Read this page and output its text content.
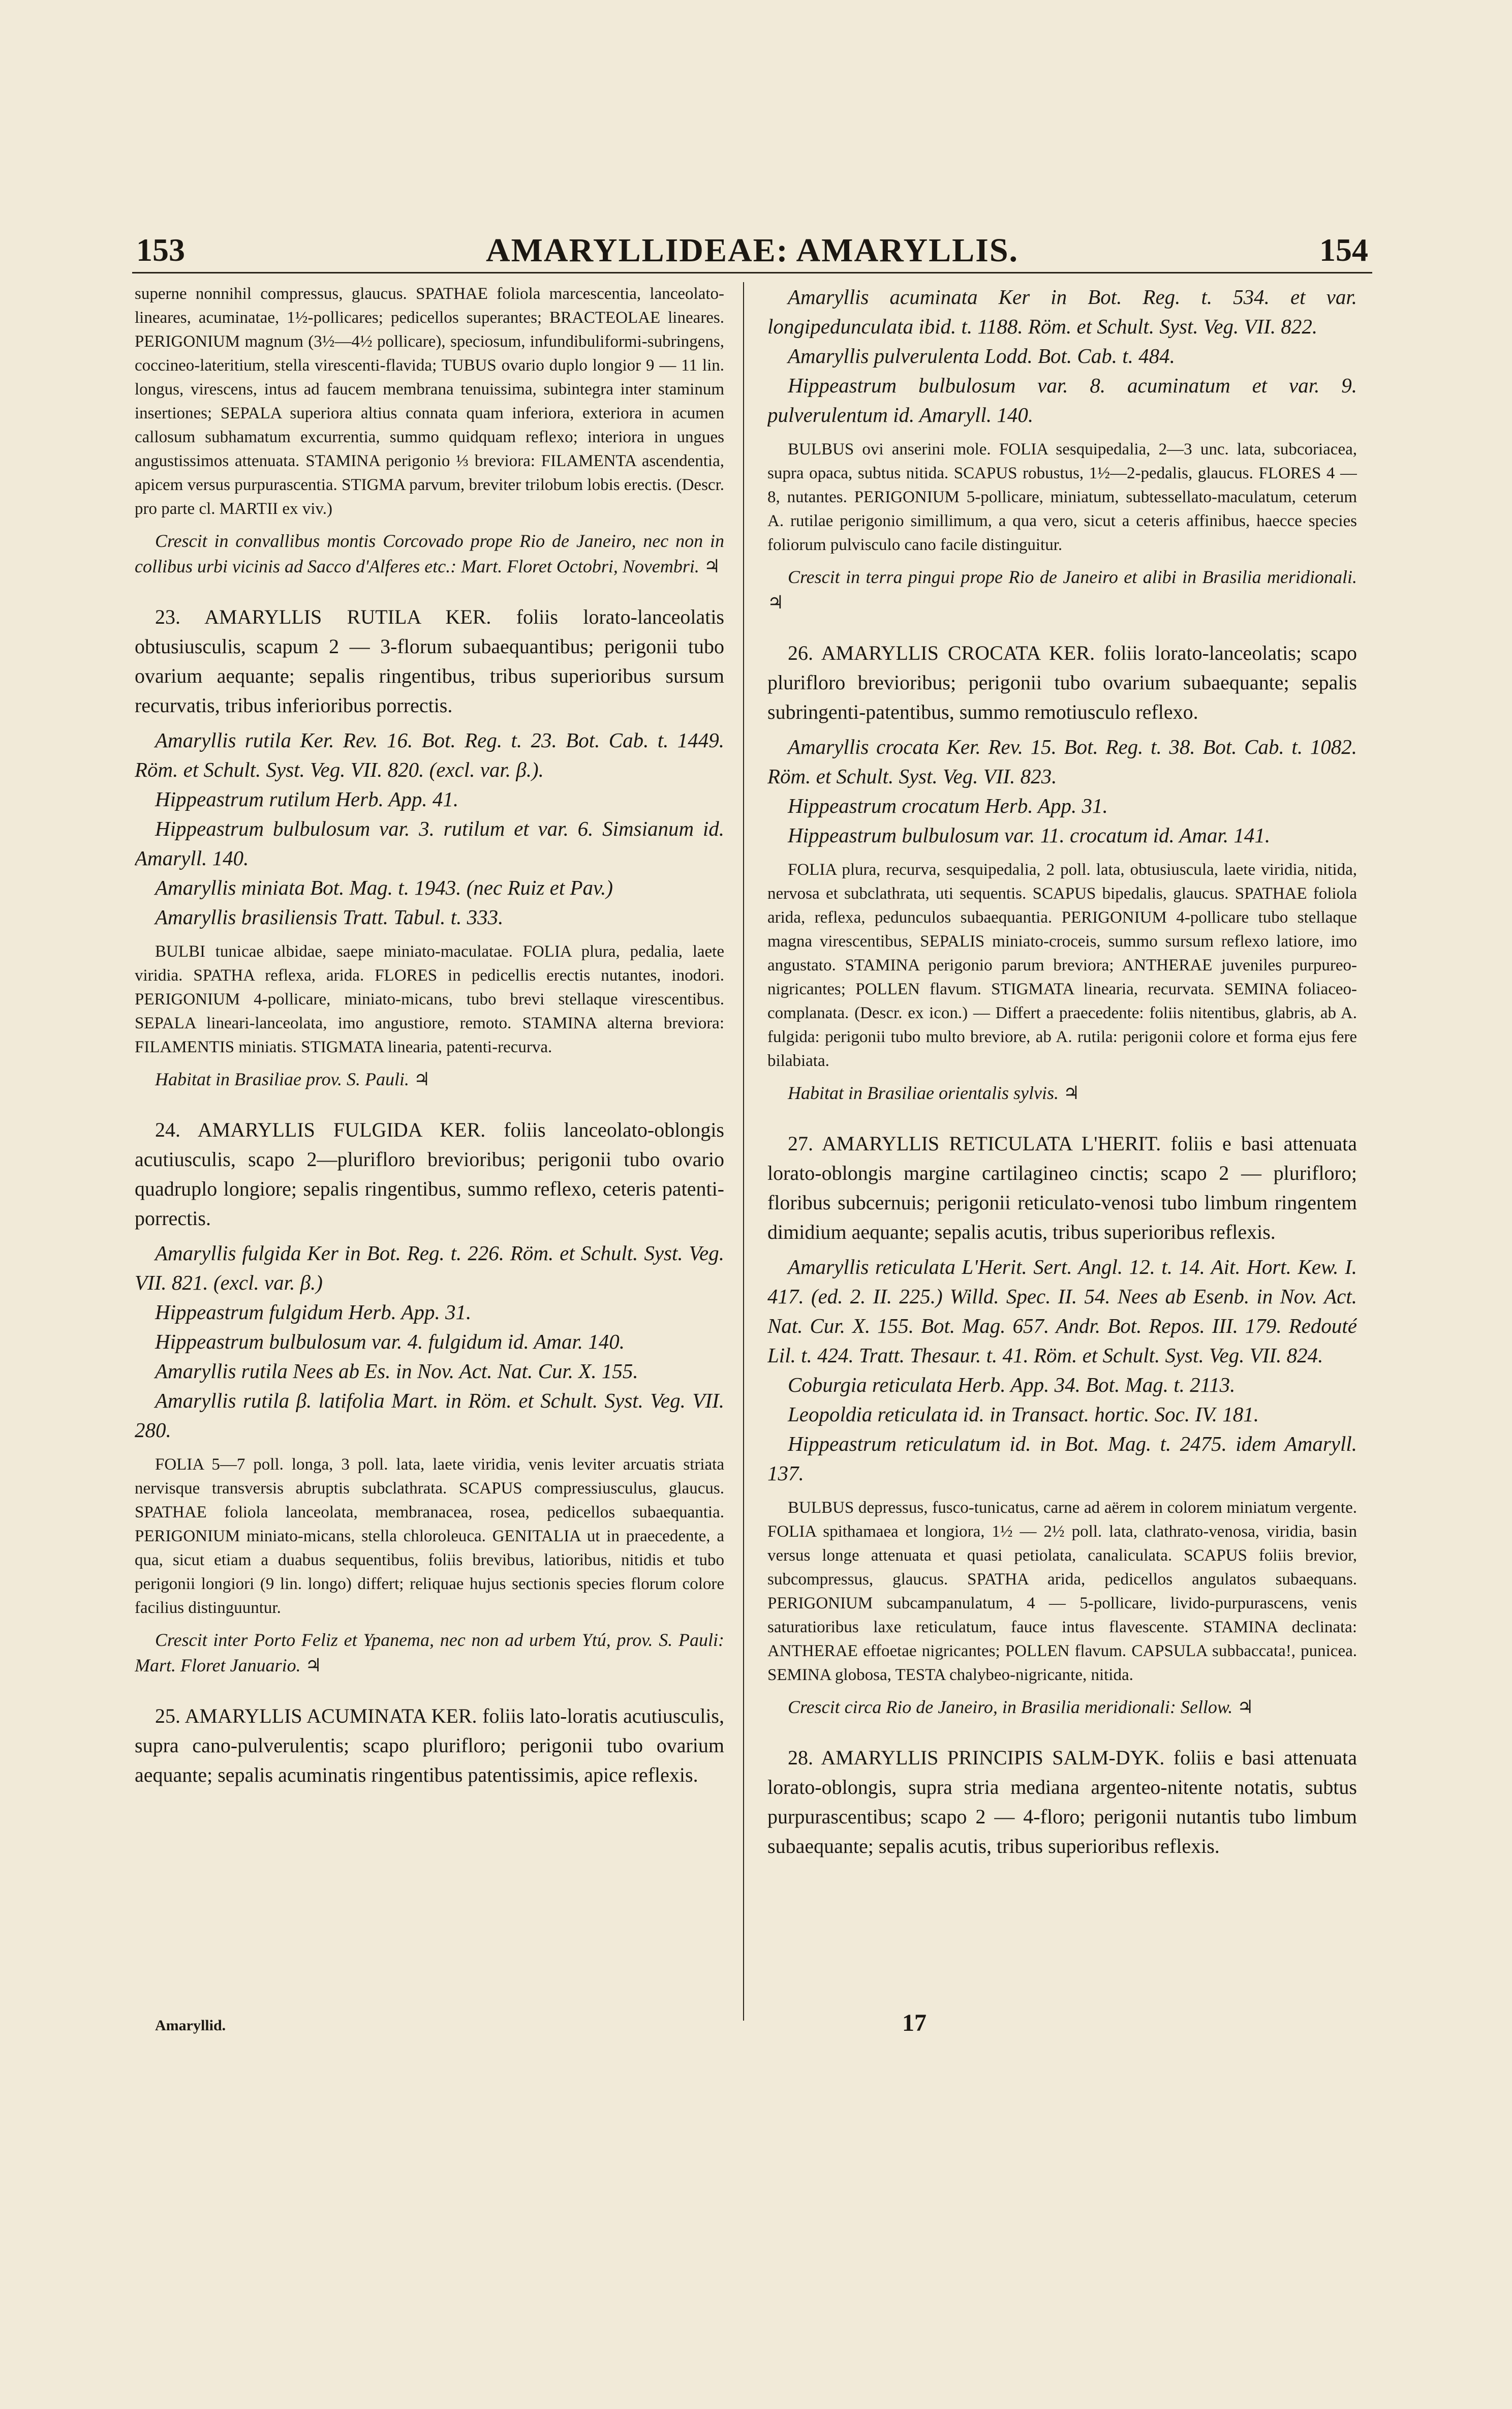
153	AMARYLLIDEAE: AMARYLLIS.	154

superne nonnihil compressus, glaucus. SPATHAE foliola marcescentia, lanceolato-lineares, acuminatae, 1½-pollicares; pedicellos superantes; BRACTEOLAE lineares. PERIGONIUM magnum (3½—4½ pollicare), speciosum, infundibuliformi-subringens, coccineo-lateritium, stella virescenti-flavida; TUBUS ovario duplo longior 9 — 11 lin. longus, virescens, intus ad faucem membrana tenuissima, subintegra inter staminum insertiones; SEPALA superiora altius connata quam inferiora, exteriora in acumen callosum subhamatum excurrentia, summo quidquam reflexo; interiora in ungues angustissimos attenuata. STAMINA perigonio ⅓ breviora: FILAMENTA ascendentia, apicem versus purpurascentia. STIGMA parvum, breviter trilobum lobis erectis. (Descr. pro parte cl. MARTII ex viv.)

Crescit in convallibus montis Corcovado prope Rio de Janeiro, nec non in collibus urbi vicinis ad Sacco d'Alferes etc.: Mart. Floret Octobri, Novembri. ♃

23. AMARYLLIS RUTILA KER. foliis lorato-lanceolatis obtusiusculis, scapum 2 — 3-florum subaequantibus; perigonii tubo ovarium aequante; sepalis ringentibus, tribus superioribus sursum recurvatis, tribus inferioribus porrectis.

Amaryllis rutila Ker. Rev. 16. Bot. Reg. t. 23. Bot. Cab. t. 1449. Röm. et Schult. Syst. Veg. VII. 820. (excl. var. β.).

Hippeastrum rutilum Herb. App. 41.

Hippeastrum bulbulosum var. 3. rutilum et var. 6. Simsianum id. Amaryll. 140.

Amaryllis miniata Bot. Mag. t. 1943. (nec Ruiz et Pav.)

Amaryllis brasiliensis Tratt. Tabul. t. 333.

BULBI tunicae albidae, saepe miniato-maculatae. FOLIA plura, pedalia, laete viridia. SPATHA reflexa, arida. FLORES in pedicellis erectis nutantes, inodori. PERIGONIUM 4-pollicare, miniato-micans, tubo brevi stellaque virescentibus. SEPALA lineari-lanceolata, imo angustiore, remoto. STAMINA alterna breviora: FILAMENTIS miniatis. STIGMATA linearia, patenti-recurva.

Habitat in Brasiliae prov. S. Pauli. ♃

24. AMARYLLIS FULGIDA KER. foliis lanceolato-oblongis acutiusculis, scapo 2—plurifloro brevioribus; perigonii tubo ovario quadruplo longiore; sepalis ringentibus, summo reflexo, ceteris patenti-porrectis.

Amaryllis fulgida Ker in Bot. Reg. t. 226. Röm. et Schult. Syst. Veg. VII. 821. (excl. var. β.)

Hippeastrum fulgidum Herb. App. 31.

Hippeastrum bulbulosum var. 4. fulgidum id. Amar. 140.

Amaryllis rutila Nees ab Es. in Nov. Act. Nat. Cur. X. 155.

Amaryllis rutila β. latifolia Mart. in Röm. et Schult. Syst. Veg. VII. 280.

FOLIA 5—7 poll. longa, 3 poll. lata, laete viridia, venis leviter arcuatis striata nervisque transversis abruptis subclathrata. SCAPUS compressiusculus, glaucus. SPATHAE foliola lanceolata, membranacea, rosea, pedicellos subaequantia. PERIGONIUM miniato-micans, stella chloroleuca. GENITALIA ut in praecedente, a qua, sicut etiam a duabus sequentibus, foliis brevibus, latioribus, nitidis et tubo perigonii longiori (9 lin. longo) differt; reliquae hujus sectionis species florum colore facilius distinguuntur.

Crescit inter Porto Feliz et Ypanema, nec non ad urbem Ytú, prov. S. Pauli: Mart. Floret Januario. ♃

25. AMARYLLIS ACUMINATA KER. foliis lato-loratis acutiusculis, supra cano-pulverulentis; scapo plurifloro; perigonii tubo ovarium aequante; sepalis acuminatis ringentibus patentissimis, apice reflexis.

Amaryllis acuminata Ker in Bot. Reg. t. 534. et var. longipedunculata ibid. t. 1188. Röm. et Schult. Syst. Veg. VII. 822.

Amaryllis pulverulenta Lodd. Bot. Cab. t. 484.

Hippeastrum bulbulosum var. 8. acuminatum et var. 9. pulverulentum id. Amaryll. 140.

BULBUS ovi anserini mole. FOLIA sesquipedalia, 2—3 unc. lata, subcoriacea, supra opaca, subtus nitida. SCAPUS robustus, 1½—2-pedalis, glaucus. FLORES 4 — 8, nutantes. PERIGONIUM 5-pollicare, miniatum, subtessellato-maculatum, ceterum A. rutilae perigonio simillimum, a qua vero, sicut a ceteris affinibus, haecce species foliorum pulvisculo cano facile distinguitur.

Crescit in terra pingui prope Rio de Janeiro et alibi in Brasilia meridionali. ♃

26. AMARYLLIS CROCATA KER. foliis lorato-lanceolatis; scapo plurifloro brevioribus; perigonii tubo ovarium subaequante; sepalis subringenti-patentibus, summo remotiusculo reflexo.

Amaryllis crocata Ker. Rev. 15. Bot. Reg. t. 38. Bot. Cab. t. 1082. Röm. et Schult. Syst. Veg. VII. 823.

Hippeastrum crocatum Herb. App. 31.

Hippeastrum bulbulosum var. 11. crocatum id. Amar. 141.

FOLIA plura, recurva, sesquipedalia, 2 poll. lata, obtusiuscula, laete viridia, nitida, nervosa et subclathrata, uti sequentis. SCAPUS bipedalis, glaucus. SPATHAE foliola arida, reflexa, pedunculos subaequantia. PERIGONIUM 4-pollicare tubo stellaque magna virescentibus, SEPALIS miniato-croceis, summo sursum reflexo latiore, imo angustato. STAMINA perigonio parum breviora; ANTHERAE juveniles purpureo-nigricantes; POLLEN flavum. STIGMATA linearia, recurvata. SEMINA foliaceo-complanata. (Descr. ex icon.) — Differt a praecedente: foliis nitentibus, glabris, ab A. fulgida: perigonii tubo multo breviore, ab A. rutila: perigonii colore et forma ejus fere bilabiata.

Habitat in Brasiliae orientalis sylvis. ♃

27. AMARYLLIS RETICULATA L'HERIT. foliis e basi attenuata lorato-oblongis margine cartilagineo cinctis; scapo 2 — plurifloro; floribus subcernuis; perigonii reticulato-venosi tubo limbum ringentem dimidium aequante; sepalis acutis, tribus superioribus reflexis.

Amaryllis reticulata L'Herit. Sert. Angl. 12. t. 14. Ait. Hort. Kew. I. 417. (ed. 2. II. 225.) Willd. Spec. II. 54. Nees ab Esenb. in Nov. Act. Nat. Cur. X. 155. Bot. Mag. 657. Andr. Bot. Repos. III. 179. Redouté Lil. t. 424. Tratt. Thesaur. t. 41. Röm. et Schult. Syst. Veg. VII. 824.

Coburgia reticulata Herb. App. 34. Bot. Mag. t. 2113.

Leopoldia reticulata id. in Transact. hortic. Soc. IV. 181.

Hippeastrum reticulatum id. in Bot. Mag. t. 2475. idem Amaryll. 137.

BULBUS depressus, fusco-tunicatus, carne ad aërem in colorem miniatum vergente. FOLIA spithamaea et longiora, 1½ — 2½ poll. lata, clathrato-venosa, viridia, basin versus longe attenuata et quasi petiolata, canaliculata. SCAPUS foliis brevior, subcompressus, glaucus. SPATHA arida, pedicellos angulatos subaequans. PERIGONIUM subcampanulatum, 4 — 5-pollicare, livido-purpurascens, venis saturatioribus laxe reticulatum, fauce intus flavescente. STAMINA declinata: ANTHERAE effoetae nigricantes; POLLEN flavum. CAPSULA subbaccata!, punicea. SEMINA globosa, TESTA chalybeo-nigricante, nitida.

Crescit circa Rio de Janeiro, in Brasilia meridionali: Sellow. ♃

28. AMARYLLIS PRINCIPIS SALM-DYK. foliis e basi attenuata lorato-oblongis, supra stria mediana argenteo-nitente notatis, subtus purpurascentibus; scapo 2 — 4-floro; perigonii nutantis tubo limbum subaequante; sepalis acutis, tribus superioribus reflexis.

Amaryllid.	17
